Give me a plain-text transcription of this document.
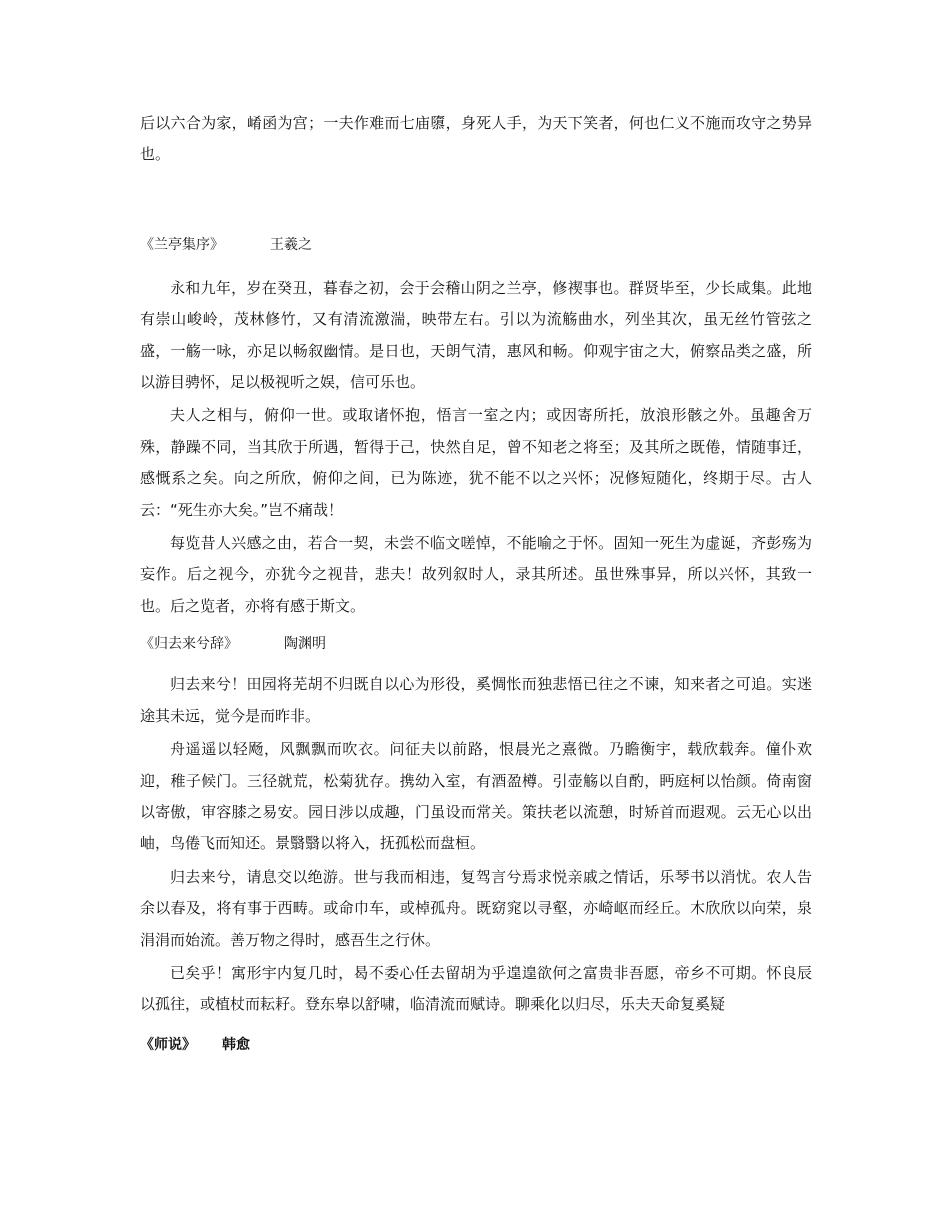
后以六合为家，崤函为宫；一夫作难而七庙隳，身死人手，为天下笑者，何也仁义不施而攻守之势异也。

《兰亭集序》	王羲之

永和九年，岁在癸丑，暮春之初，会于会稽山阴之兰亭，修禊事也。群贤毕至，少长咸集。此地有崇山峻岭，茂林修竹，又有清流激湍，映带左右。引以为流觞曲水，列坐其次，虽无丝竹管弦之盛，一觞一咏，亦足以畅叙幽情。是日也，天朗气清，惠风和畅。仰观宇宙之大，俯察品类之盛，所以游目骋怀，足以极视听之娱，信可乐也。

夫人之相与，俯仰一世。或取诸怀抱，悟言一室之内；或因寄所托，放浪形骸之外。虽趣舍万殊，静躁不同，当其欣于所遇，暂得于己，快然自足，曾不知老之将至；及其所之既倦，情随事迁，感慨系之矣。向之所欣，俯仰之间，已为陈迹，犹不能不以之兴怀；况修短随化，终期于尽。古人云：“死生亦大矣。”岂不痛哉！

每览昔人兴感之由，若合一契，未尝不临文嗟悼，不能喻之于怀。固知一死生为虚诞，齐彭殇为妄作。后之视今，亦犹今之视昔，悲夫！故列叙时人，录其所述。虽世殊事异，所以兴怀，其致一也。后之览者，亦将有感于斯文。

《归去来兮辞》	陶渊明

归去来兮！田园将芜胡不归既自以心为形役，奚惆怅而独悲悟已往之不谏，知来者之可追。实迷途其未远，觉今是而昨非。

舟遥遥以轻飏，风飘飘而吹衣。问征夫以前路，恨晨光之熹微。乃瞻衡宇，载欣载奔。僮仆欢迎，稚子候门。三径就荒，松菊犹存。携幼入室，有酒盈樽。引壶觞以自酌，眄庭柯以怡颜。倚南窗以寄傲，审容膝之易安。园日涉以成趣，门虽设而常关。策扶老以流憩，时矫首而遐观。云无心以出岫，鸟倦飞而知还。景翳翳以将入，抚孤松而盘桓。

归去来兮，请息交以绝游。世与我而相违，复驾言兮焉求悦亲戚之情话，乐琴书以消忧。农人告余以春及，将有事于西畴。或命巾车，或棹孤舟。既窈窕以寻壑，亦崎岖而经丘。木欣欣以向荣，泉涓涓而始流。善万物之得时，感吾生之行休。

已矣乎！寓形宇内复几时，曷不委心任去留胡为乎遑遑欲何之富贵非吾愿，帝乡不可期。怀良辰以孤往，或植杖而耘耔。登东皋以舒啸，临清流而赋诗。聊乘化以归尽，乐夫天命复奚疑

《师说》 韩愈
